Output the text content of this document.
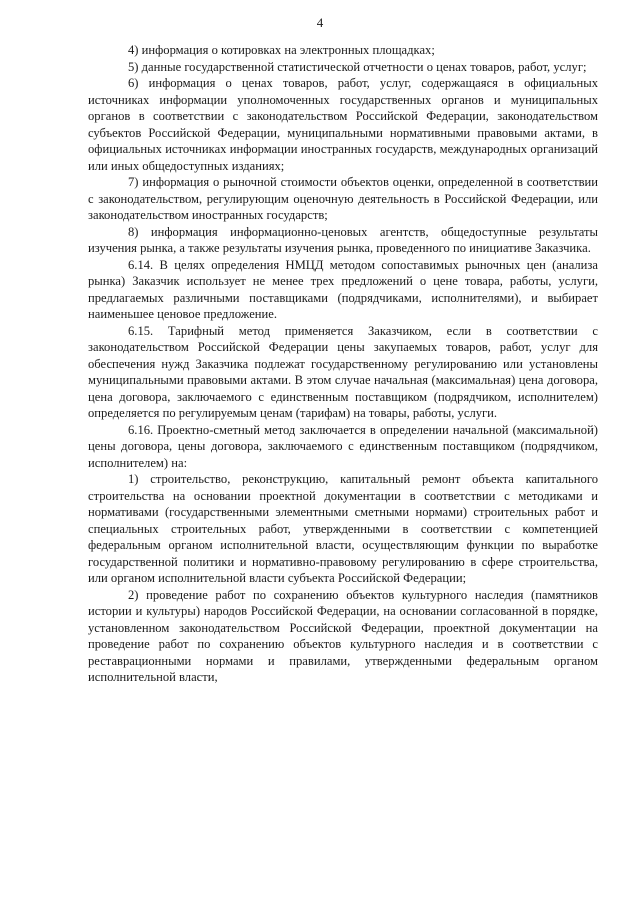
4

4) информация о котировках на электронных площадках;

5) данные государственной статистической отчетности о ценах товаров, работ, услуг;

6) информация о ценах товаров, работ, услуг, содержащаяся в официальных источниках информации уполномоченных государственных органов и муниципальных органов в соответствии с законодательством Российской Федерации, законодательством субъектов Российской Федерации, муниципальными нормативными правовыми актами, в официальных источниках информации иностранных государств, международных организаций или иных общедоступных изданиях;

7) информация о рыночной стоимости объектов оценки, определенной в соответствии с законодательством, регулирующим оценочную деятельность в Российской Федерации, или законодательством иностранных государств;

8) информация информационно-ценовых агентств, общедоступные результаты изучения рынка, а также результаты изучения рынка, проведенного по инициативе Заказчика.

6.14. В целях определения НМЦД методом сопоставимых рыночных цен (анализа рынка) Заказчик использует не менее трех предложений о цене товара, работы, услуги, предлагаемых различными поставщиками (подрядчиками, исполнителями), и выбирает наименьшее ценовое предложение.

6.15. Тарифный метод применяется Заказчиком, если в соответствии с законодательством Российской Федерации цены закупаемых товаров, работ, услуг для обеспечения нужд Заказчика подлежат государственному регулированию или установлены муниципальными правовыми актами. В этом случае начальная (максимальная) цена договора, цена договора, заключаемого с единственным поставщиком (подрядчиком, исполнителем) определяется по регулируемым ценам (тарифам) на товары, работы, услуги.

6.16. Проектно-сметный метод заключается в определении начальной (максимальной) цены договора, цены договора, заключаемого с единственным поставщиком (подрядчиком, исполнителем) на:

1) строительство, реконструкцию, капитальный ремонт объекта капитального строительства на основании проектной документации в соответствии с методиками и нормативами (государственными элементными сметными нормами) строительных работ и специальных строительных работ, утвержденными в соответствии с компетенцией федеральным органом исполнительной власти, осуществляющим функции по выработке государственной политики и нормативно-правовому регулированию в сфере строительства, или органом исполнительной власти субъекта Российской Федерации;

2) проведение работ по сохранению объектов культурного наследия (памятников истории и культуры) народов Российской Федерации, на основании согласованной в порядке, установленном законодательством Российской Федерации, проектной документации на проведение работ по сохранению объектов культурного наследия и в соответствии с реставрационными нормами и правилами, утвержденными федеральным органом исполнительной власти,
